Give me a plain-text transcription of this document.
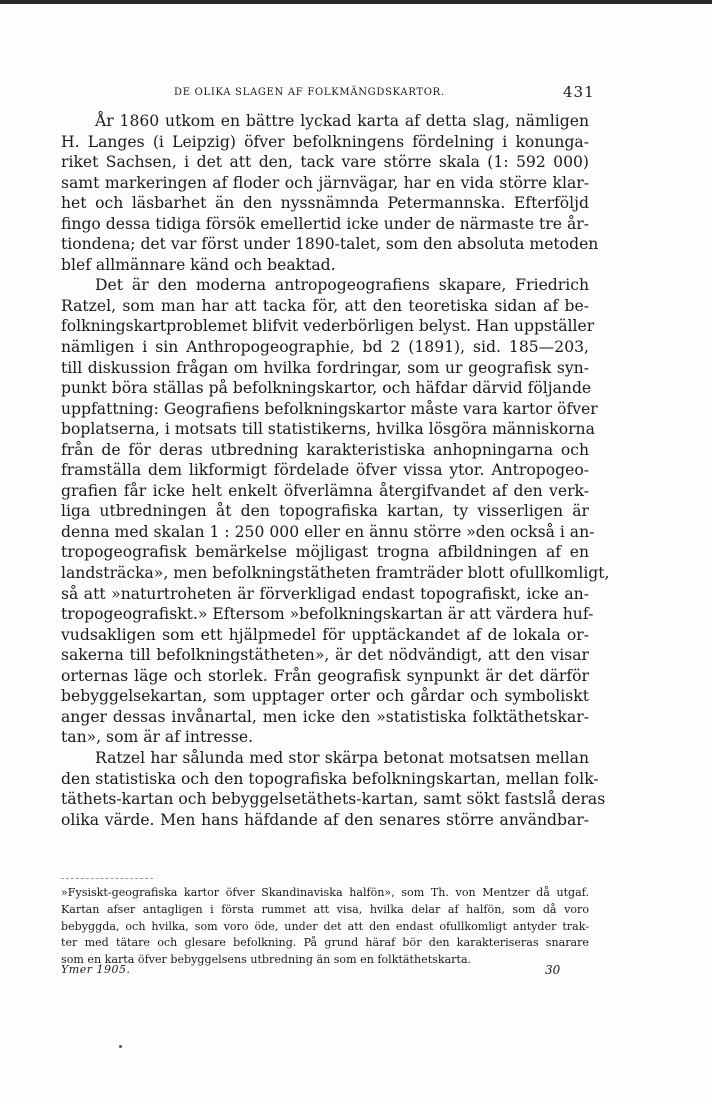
DE OLIKA SLAGEN AF FOLKMÄNGDSKARTOR.	431
År 1860 utkom en bättre lyckad karta af detta slag, nämligen
H. Langes (i Leipzig) öfver befolkningens fördelning i konunga-
riket Sachsen, i det att den, tack vare större skala (1: 592 000)
samt markeringen af floder och järnvägar, har en vida större klar-
het och läsbarhet än den nyssnämnda Petermannska. Efterföljd
fingo dessa tidiga försök emellertid icke under de närmaste tre år-
tiondena; det var först under 1890-talet, som den absoluta metoden
blef allmännare känd och beaktad.
Det är den moderna antropogeografiens skapare, Friedrich
Ratzel, som man har att tacka för, att den teoretiska sidan af be-
folkningskartproblemet blifvit vederbörligen belyst. Han uppställer
nämligen i sin Anthropogeographie, bd 2 (1891), sid. 185—203,
till diskussion frågan om hvilka fordringar, som ur geografisk syn-
punkt böra ställas på befolkningskartor, och häfdar därvid följande
uppfattning: Geografiens befolkningskartor måste vara kartor öfver
boplatserna, i motsats till statistikerns, hvilka lösgöra människorna
från de för deras utbredning karakteristiska anhopningarna och
framställa dem likformigt fördelade öfver vissa ytor. Antropogeo-
grafien får icke helt enkelt öfverlämna återgifvandet af den verk-
liga utbredningen åt den topografiska kartan, ty visserligen är
denna med skalan 1 : 250 000 eller en ännu större »den också i an-
tropogeografisk bemärkelse möjligast trogna afbildningen af en
landsträcka», men befolkningstätheten framträder blott ofullkomligt,
så att »naturtroheten är förverkligad endast topografiskt, icke an-
tropogeografiskt.» Eftersom »befolkningskartan är att värdera huf-
vudsakligen som ett hjälpmedel för upptäckandet af de lokala or-
sakerna till befolkningstätheten», är det nödvändigt, att den visar
orternas läge och storlek. Från geografisk synpunkt är det därför
bebyggelsekartan, som upptager orter och gårdar och symboliskt
anger dessas invånartal, men icke den »statistiska folktäthetskar-
tan», som är af intresse.
Ratzel har sålunda med stor skärpa betonat motsatsen mellan
den statistiska och den topografiska befolkningskartan, mellan folk-
täthets-kartan och bebyggelsetäthets-kartan, samt sökt fastslå deras
olika värde. Men hans häfdande af den senares större användbar-
»Fysiskt-geografiska kartor öfver Skandinaviska halfön», som Th. von Mentzer då utgaf.
Kartan afser antagligen i första rummet att visa, hvilka delar af halfön, som då voro
bebyggda, och hvilka, som voro öde, under det att den endast ofullkomligt antyder trak-
ter med tätare och glesare befolkning. På grund häraf bör den karakteriseras snarare
som en karta öfver bebyggelsens utbredning än som en folktäthetskarta.
Ymer 1905.	30
